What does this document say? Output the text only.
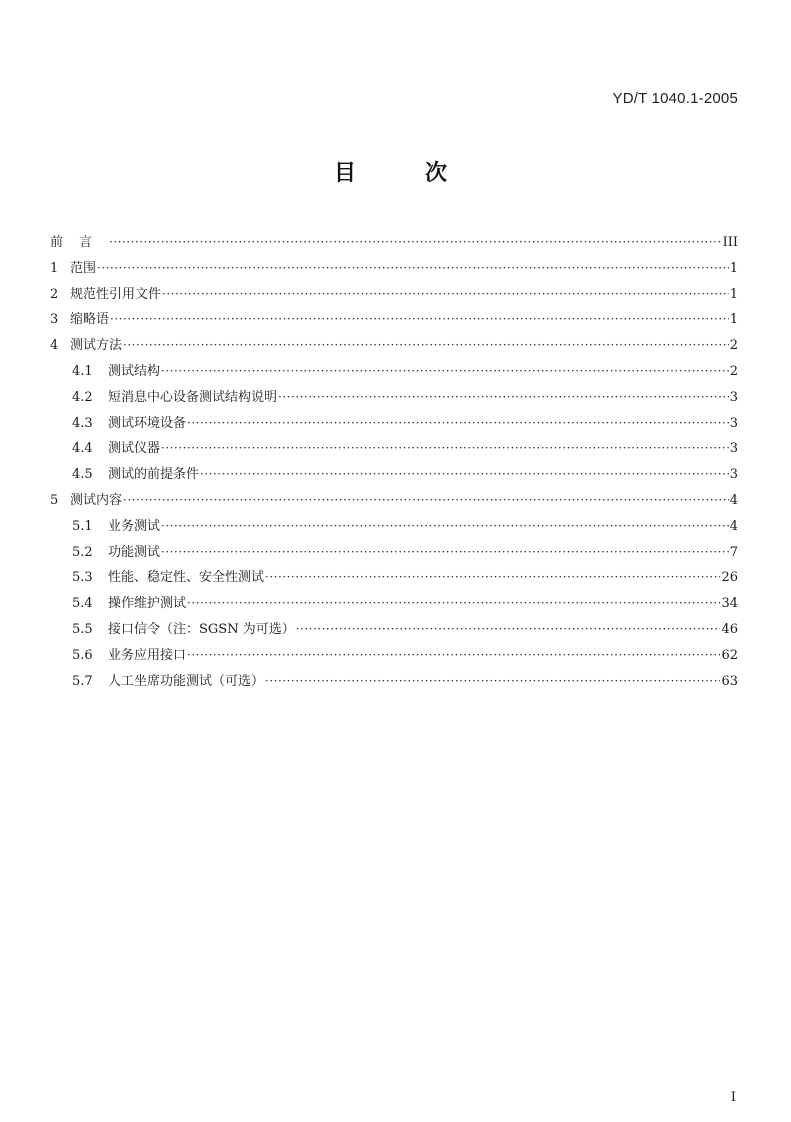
YD/T 1040.1-2005
目	次
前言 ·····	III
1 范围 ·····	1
2 规范性引用文件 ·····	1
3 缩略语 ·····	1
4 测试方法 ·····	2
4.1	测试结构 ·····	2
4.2	短消息中心设备测试结构说明 ·····	3
4.3	测试环境设备 ·····	3
4.4	测试仪器 ·····	3
4.5	测试的前提条件 ·····	3
5 测试内容 ·····	4
5.1	业务测试 ·····	4
5.2	功能测试 ·····	7
5.3	性能、稳定性、安全性测试 ·····	26
5.4	操作维护测试 ·····	34
5.5	接口信令（注：SGSN 为可选） ·····	46
5.6	业务应用接口 ·····	62
5.7	人工坐席功能测试（可选） ·····	63
I
